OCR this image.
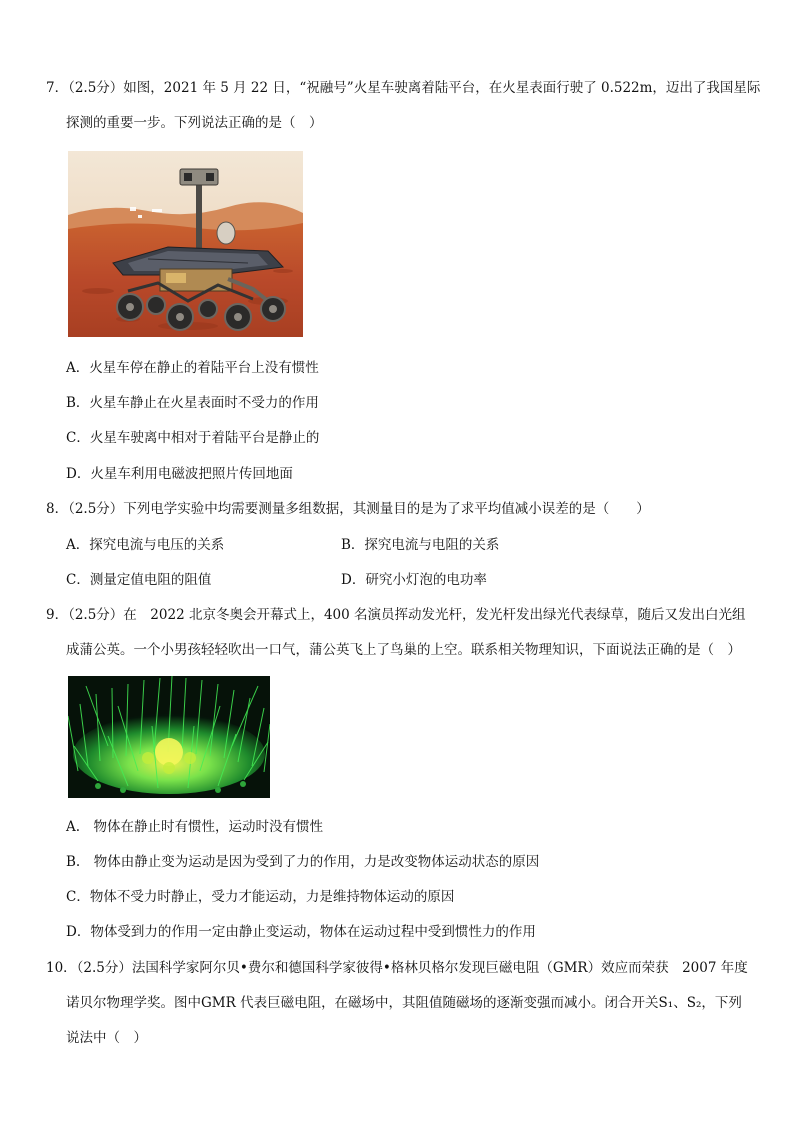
7．（2.5分）如图，2021 年 5 月 22 日，“祝融号”火星车驶离着陆平台，在火星表面行驶了 0.522m，迈出了我国星际
探测的重要一步。下列说法正确的是（　）
A．火星车停在静止的着陆平台上没有惯性
B．火星车静止在火星表面时不受力的作用
C．火星车驶离中相对于着陆平台是静止的
D．火星车利用电磁波把照片传回地面
8．（2.5分）下列电学实验中均需要测量多组数据，其测量目的是为了求平均值减小误差的是（　　）
A．探究电流与电压的关系	B．探究电流与电阻的关系
C．测量定值电阻的阻值	D．研究小灯泡的电功率
9．（2.5分）在　2022 北京冬奥会开幕式上，400 名演员挥动发光杆，发光杆发出绿光代表绿草，随后又发出白光组
成蒲公英。一个小男孩轻轻吹出一口气，蒲公英飞上了鸟巢的上空。联系相关物理知识，下面说法正确的是（　）
A.　物体在静止时有惯性，运动时没有惯性
B.　物体由静止变为运动是因为受到了力的作用，力是改变物体运动状态的原因
C．物体不受力时静止，受力才能运动，力是维持物体运动的原因
D．物体受到力的作用一定由静止变运动，物体在运动过程中受到惯性力的作用
10．（2.5分）法国科学家阿尔贝•费尔和德国科学家彼得•格林贝格尔发现巨磁电阻（GMR）效应而荣获　2007 年度
诺贝尔物理学奖。图中GMR 代表巨磁电阻，在磁场中，其阻值随磁场的逐渐变强而减小。闭合开关S₁、S₂，下列
说法中（　）
